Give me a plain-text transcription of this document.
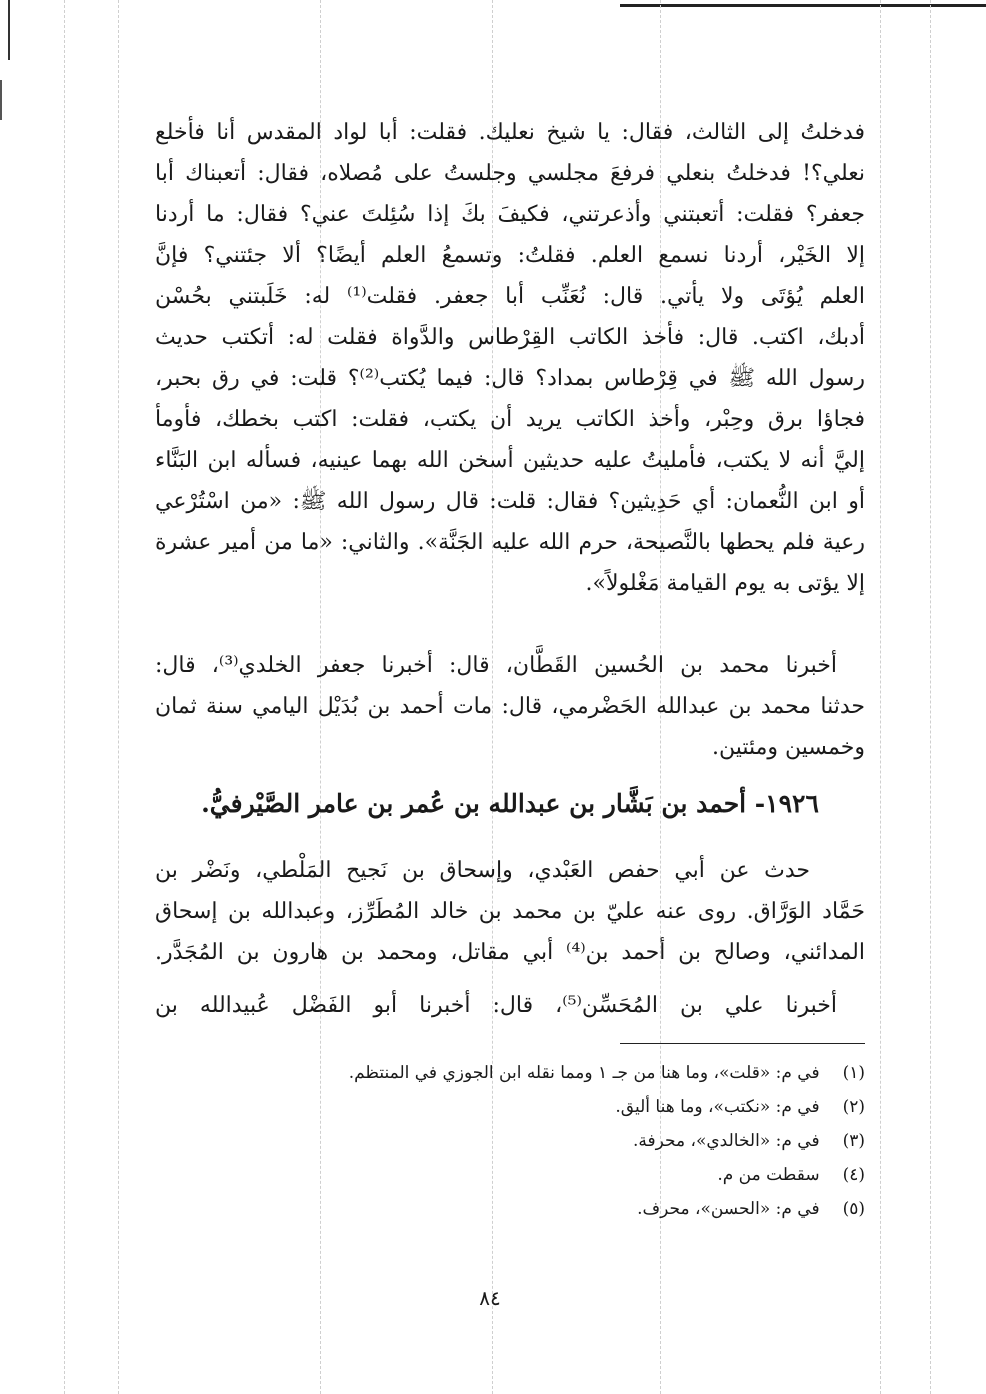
فدخلتُ إلى الثالث، فقال: يا شيخ نعليك. فقلت: أبا لواد المقدس أنا فأخلع
نعلي؟! فدخلتُ بنعلي فرفعَ مجلسي وجلستُ على مُصلاه، فقال: أتعبناك أبا
جعفر؟ فقلت: أتعبتني وأذعرتني، فكيفَ بكَ إذا سُئِلتَ عني؟ فقال: ما أردنا
إلا الخَيْر، أردنا نسمع العلم. فقلتُ: وتسمعُ العلم أيضًا؟ ألا جئتني؟ فإنَّ
العلم يُؤتَى ولا يأتي. قال: نُعَنِّب أبا جعفر. فقلت⁽¹⁾ له: خَلَبتني بحُسْن
أدبك، اكتب. قال: فأخذ الكاتب القِرْطاس والدَّواة فقلت له: أتكتب حديث
رسول الله ﷺ في قِرْطاس بمداد؟ قال: فيما يُكتب⁽²⁾؟ قلت: في رق بحبر،
فجاؤا برق وحِبْر، وأخذ الكاتب يريد أن يكتب، فقلت: اكتب بخطك، فأومأ
إليَّ أنه لا يكتب، فأمليتُ عليه حديثين أسخن الله بهما عينيه، فسأله ابن البَنَّاء
أو ابن النُّعمان: أي حَدِيثين؟ فقال: قلت: قال رسول الله ﷺ: «من اسْتُرْعي
رعية فلم يحطها بالنَّصيحة، حرم الله عليه الجَنَّة». والثاني: «ما من أمير عشرة
إلا يؤتى به يوم القيامة مَغْلولاً».
أخبرنا محمد بن الحُسين القَطَّان، قال: أخبرنا جعفر الخلدي⁽³⁾، قال:
حدثنا محمد بن عبدالله الحَضْرمي، قال: مات أحمد بن بُدَيْل اليامي سنة ثمان
وخمسين ومئتين.
١٩٢٦- أحمد بن بَشَّار بن عبدالله بن عُمر بن عامر الصَّيْرفيُّ.
حدث عن أبي حفص العَبْدي، وإسحاق بن نَجيح المَلْطي، ونَضْر بن
حَمَّاد الوَرَّاق. روى عنه عليّ بن محمد بن خالد المُطَرِّز، وعبدالله بن إسحاق
المدائني، وصالح بن أحمد بن⁽⁴⁾ أبي مقاتل، ومحمد بن هارون بن المُجَدَّر.
أخبرنا علي بن المُحَسِّن⁽⁵⁾، قال: أخبرنا أبو الفَضْل عُبيدالله بن
(١) في م: «قلت»، وما هنا من جـ ١ ومما نقله ابن الجوزي في المنتظم.
(٢) في م: «نكتب»، وما هنا أليق.
(٣) في م: «الخالدي»، محرفة.
(٤) سقطت من م.
(٥) في م: «الحسن»، محرف.
٨٤
